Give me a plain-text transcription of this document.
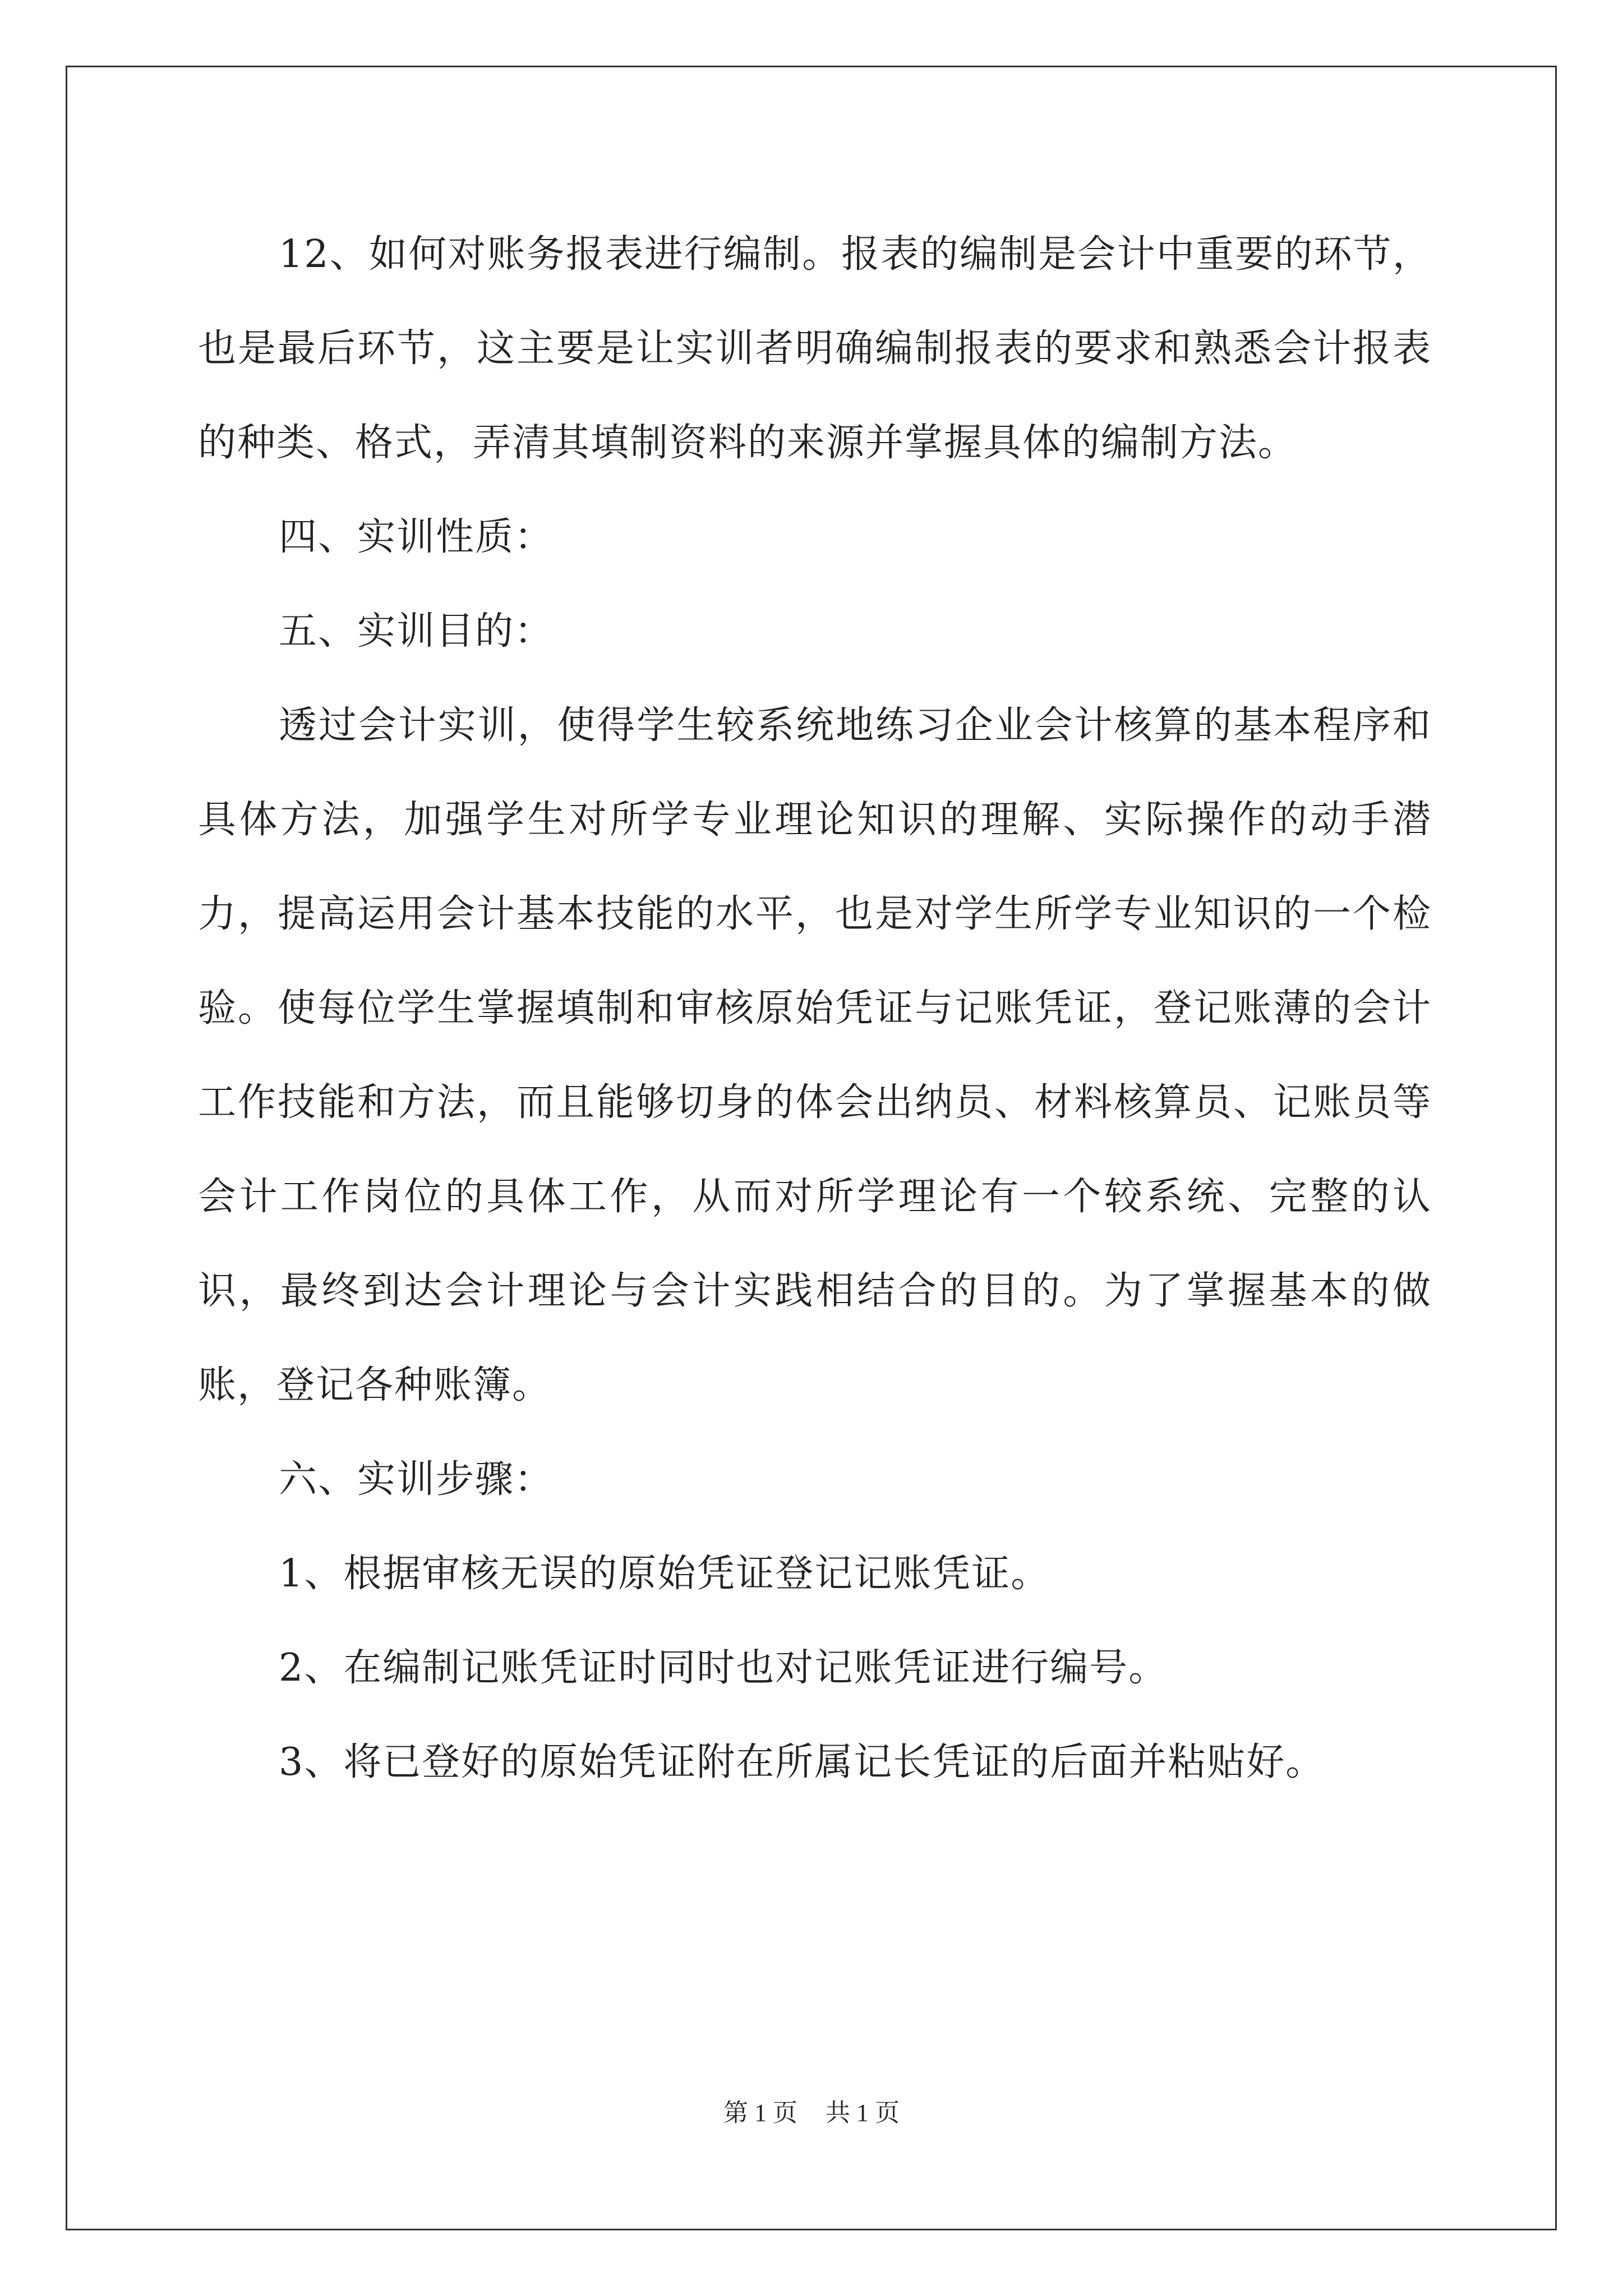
12、如何对账务报表进行编制。报表的编制是会计中重要的环节，也是最后环节，这主要是让实训者明确编制报表的要求和熟悉会计报表的种类、格式，弄清其填制资料的来源并掌握具体的编制方法。

四、实训性质：

五、实训目的：

透过会计实训，使得学生较系统地练习企业会计核算的基本程序和具体方法，加强学生对所学专业理论知识的理解、实际操作的动手潜力，提高运用会计基本技能的水平，也是对学生所学专业知识的一个检验。使每位学生掌握填制和审核原始凭证与记账凭证，登记账薄的会计工作技能和方法，而且能够切身的体会出纳员、材料核算员、记账员等会计工作岗位的具体工作，从而对所学理论有一个较系统、完整的认识，最终到达会计理论与会计实践相结合的目的。为了掌握基本的做账，登记各种账簿。

六、实训步骤：

1、根据审核无误的原始凭证登记记账凭证。

2、在编制记账凭证时同时也对记账凭证进行编号。

3、将已登好的原始凭证附在所属记长凭证的后面并粘贴好。

第 1 页 共 1 页
